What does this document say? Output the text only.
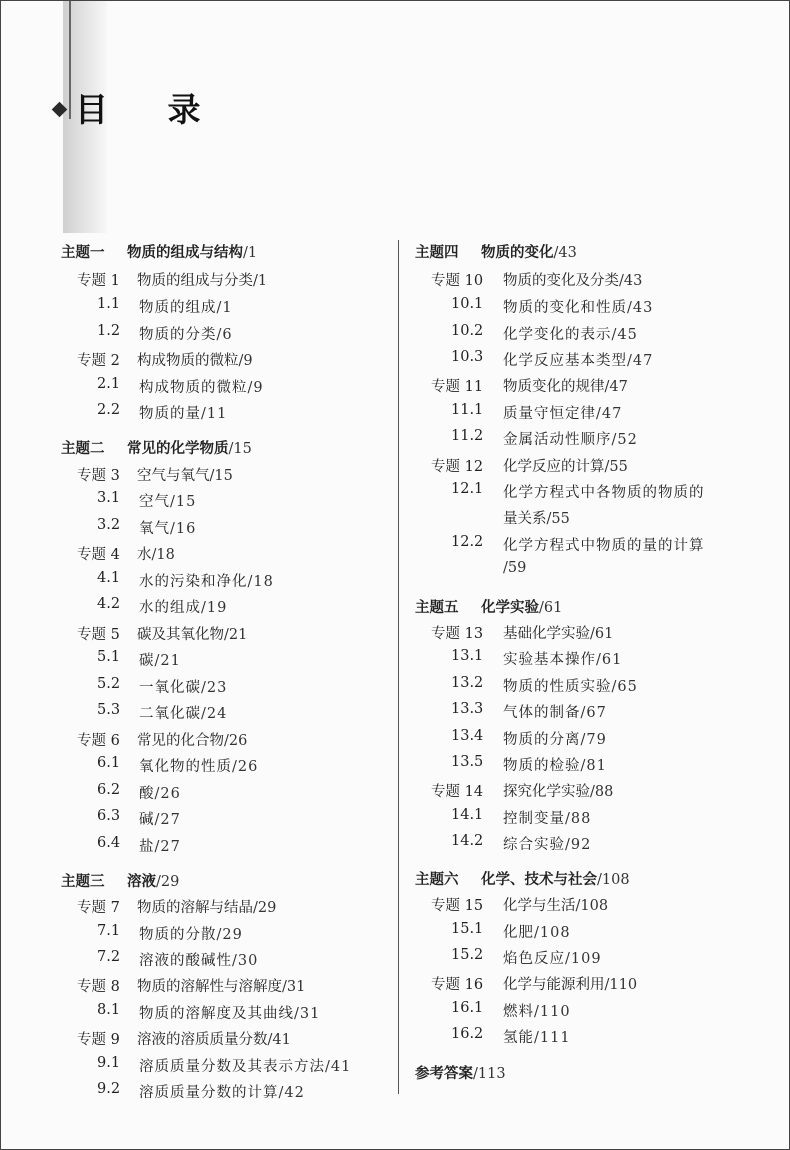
目 录
主题一 物质的组成与结构/1
专题 1 物质的组成与分类/1
1.1 物质的组成/1
1.2 物质的分类/6
专题 2 构成物质的微粒/9
2.1 构成物质的微粒/9
2.2 物质的量/11
主题二 常见的化学物质/15
专题 3 空气与氧气/15
3.1 空气/15
3.2 氧气/16
专题 4 水/18
4.1 水的污染和净化/18
4.2 水的组成/19
专题 5 碳及其氧化物/21
5.1 碳/21
5.2 一氧化碳/23
5.3 二氧化碳/24
专题 6 常见的化合物/26
6.1 氧化物的性质/26
6.2 酸/26
6.3 碱/27
6.4 盐/27
主题三 溶液/29
专题 7 物质的溶解与结晶/29
7.1 物质的分散/29
7.2 溶液的酸碱性/30
专题 8 物质的溶解性与溶解度/31
8.1 物质的溶解度及其曲线/31
专题 9 溶液的溶质质量分数/41
9.1 溶质质量分数及其表示方法/41
9.2 溶质质量分数的计算/42
主题四 物质的变化/43
专题 10 物质的变化及分类/43
10.1 物质的变化和性质/43
10.2 化学变化的表示/45
10.3 化学反应基本类型/47
专题 11 物质变化的规律/47
11.1 质量守恒定律/47
11.2 金属活动性顺序/52
专题 12 化学反应的计算/55
12.1 化学方程式中各物质的物质的
量关系/55
12.2 化学方程式中物质的量的计算
/59
主题五 化学实验/61
专题 13 基础化学实验/61
13.1 实验基本操作/61
13.2 物质的性质实验/65
13.3 气体的制备/67
13.4 物质的分离/79
13.5 物质的检验/81
专题 14 探究化学实验/88
14.1 控制变量/88
14.2 综合实验/92
主题六 化学、技术与社会/108
专题 15 化学与生活/108
15.1 化肥/108
15.2 焰色反应/109
专题 16 化学与能源利用/110
16.1 燃料/110
16.2 氢能/111
参考答案/113
